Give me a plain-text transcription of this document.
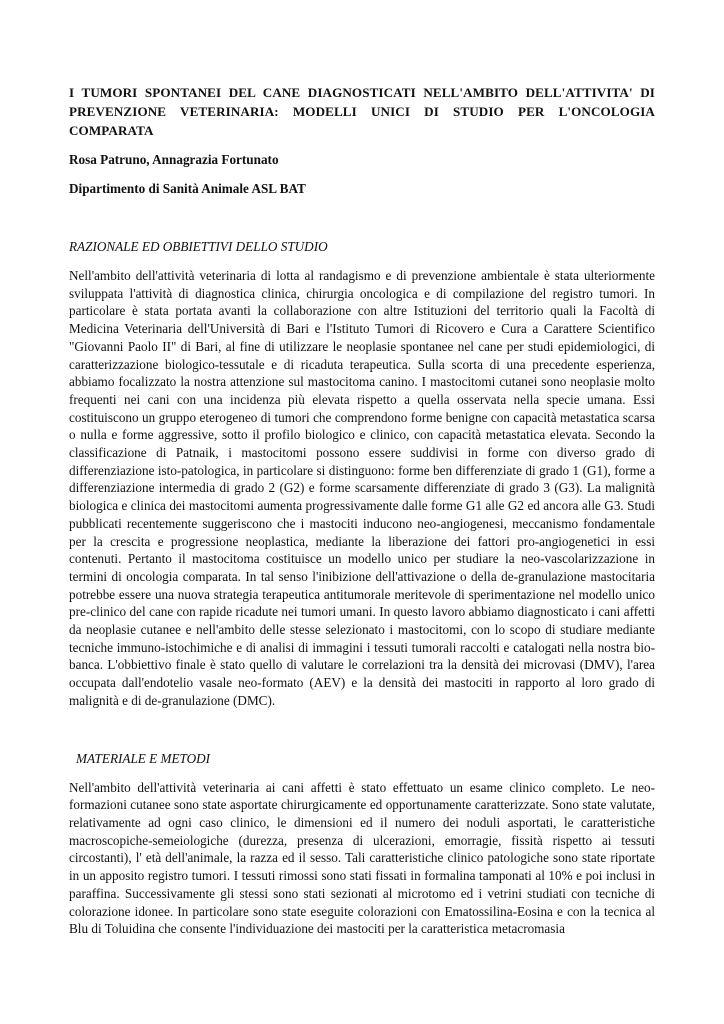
I TUMORI SPONTANEI DEL CANE DIAGNOSTICATI NELL'AMBITO DELL'ATTIVITA' DI PREVENZIONE VETERINARIA: MODELLI UNICI DI STUDIO PER L'ONCOLOGIA COMPARATA

Rosa Patruno, Annagrazia Fortunato

Dipartimento di Sanità Animale ASL BAT

RAZIONALE ED OBBIETTIVI DELLO STUDIO

Nell'ambito dell'attività veterinaria di lotta al randagismo e di prevenzione ambientale è stata ulteriormente sviluppata l'attività di diagnostica clinica, chirurgia oncologica e di compilazione del registro tumori. In particolare è stata portata avanti la collaborazione con altre Istituzioni del territorio quali la Facoltà di Medicina Veterinaria dell'Università di Bari e l'Istituto Tumori di Ricovero e Cura a Carattere Scientifico "Giovanni Paolo II" di Bari, al fine di utilizzare le neoplasie spontanee nel cane per studi epidemiologici, di caratterizzazione biologico-tessutale e di ricaduta terapeutica. Sulla scorta di una precedente esperienza, abbiamo focalizzato la nostra attenzione sul mastocitoma canino. I mastocitomi cutanei sono neoplasie molto frequenti nei cani con una incidenza più elevata rispetto a quella osservata nella specie umana. Essi costituiscono un gruppo eterogeneo di tumori che comprendono forme benigne con capacità metastatica scarsa o nulla e forme aggressive, sotto il profilo biologico e clinico, con capacità metastatica elevata. Secondo la classificazione di Patnaik, i mastocitomi possono essere suddivisi in forme con diverso grado di differenziazione isto-patologica, in particolare si distinguono: forme ben differenziate di grado 1 (G1), forme a differenziazione intermedia di grado 2 (G2) e forme scarsamente differenziate di grado 3 (G3). La malignità biologica e clinica dei mastocitomi aumenta progressivamente dalle forme G1 alle G2 ed ancora alle G3. Studi pubblicati recentemente suggeriscono che i mastociti inducono neo-angiogenesi, meccanismo fondamentale per la crescita e progressione neoplastica, mediante la liberazione dei fattori pro-angiogenetici in essi contenuti. Pertanto il mastocitoma costituisce un modello unico per studiare la neo-vascolarizzazione in termini di oncologia comparata. In tal senso l'inibizione dell'attivazione o della de-granulazione mastocitaria potrebbe essere una nuova strategia terapeutica antitumorale meritevole di sperimentazione nel modello unico pre-clinico del cane con rapide ricadute nei tumori umani. In questo lavoro abbiamo diagnosticato i cani affetti da neoplasie cutanee e nell'ambito delle stesse selezionato i mastocitomi, con lo scopo di studiare mediante tecniche immuno-istochimiche e di analisi di immagini i tessuti tumorali raccolti e catalogati nella nostra bio-banca. L'obbiettivo finale è stato quello di valutare le correlazioni tra la densità dei microvasi (DMV), l'area occupata dall'endotelio vasale neo-formato (AEV) e la densità dei mastociti in rapporto al loro grado di malignità e di de-granulazione (DMC).

MATERIALE E METODI

Nell'ambito dell'attività veterinaria ai cani affetti è stato effettuato un esame clinico completo. Le neo-formazioni cutanee sono state asportate chirurgicamente ed opportunamente caratterizzate. Sono state valutate, relativamente ad ogni caso clinico, le dimensioni ed il numero dei noduli asportati, le caratteristiche macroscopiche-semeiologiche (durezza, presenza di ulcerazioni, emorragie, fissità rispetto ai tessuti circostanti), l' età dell'animale, la razza ed il sesso. Tali caratteristiche clinico patologiche sono state riportate in un apposito registro tumori. I tessuti rimossi sono stati fissati in formalina tamponati al 10% e poi inclusi in paraffina. Successivamente gli stessi sono stati sezionati al microtomo ed i vetrini studiati con tecniche di colorazione idonee. In particolare sono state eseguite colorazioni con Ematossilina-Eosina e con la tecnica al Blu di Toluidina che consente l'individuazione dei mastociti per la caratteristica metacromasia
